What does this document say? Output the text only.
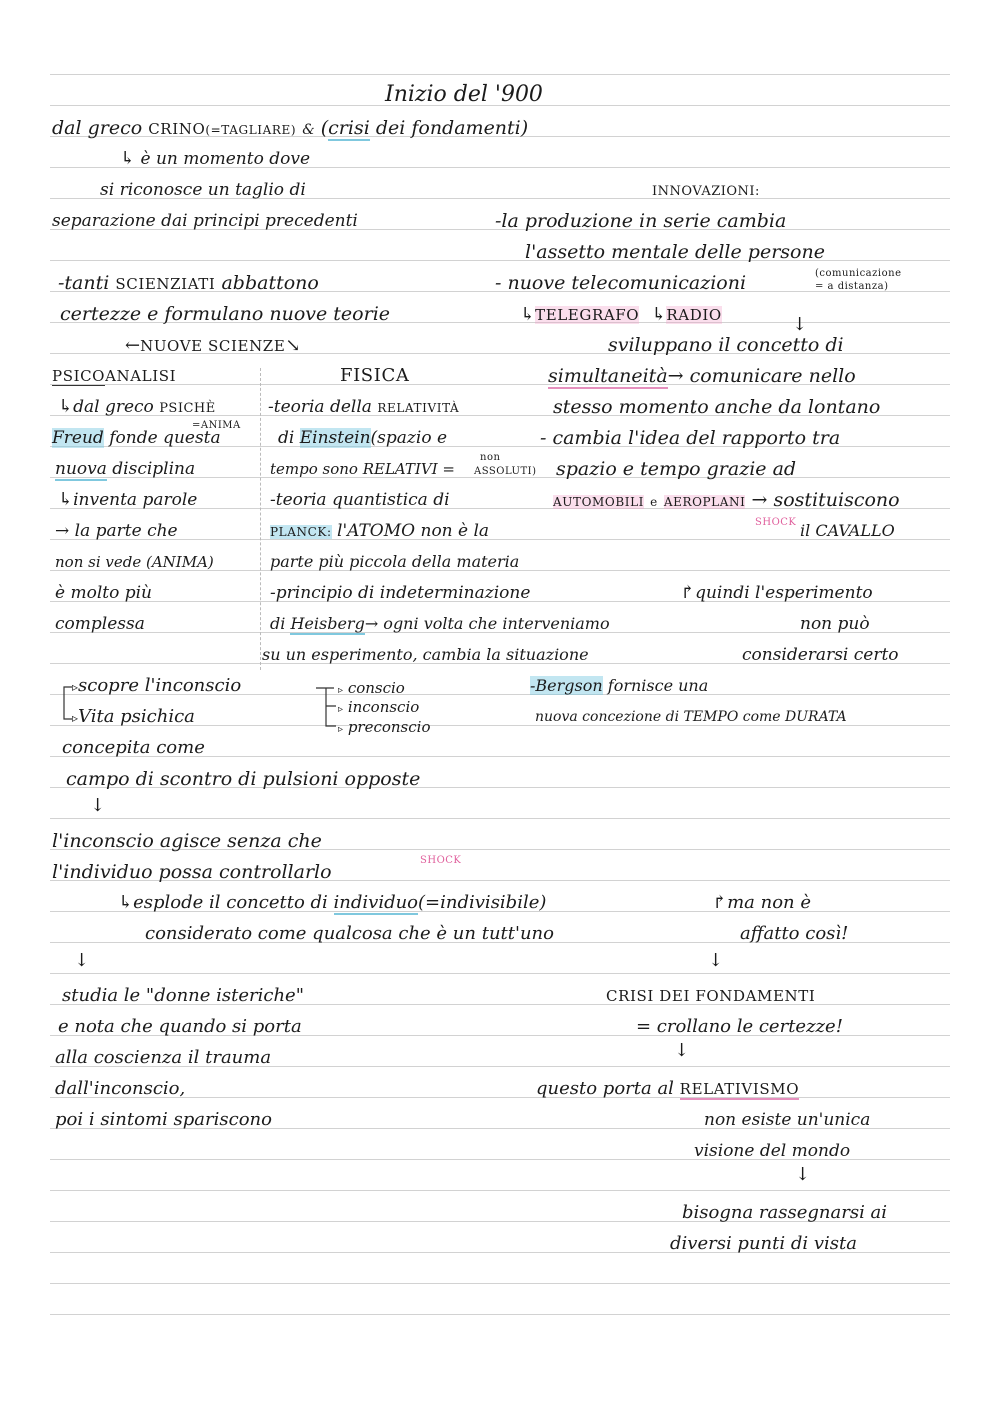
Inizio del '900
dal greco CRINO(=TAGLIARE) & (crisi dei fondamenti)
↳ è un momento dove
si riconosce un taglio di
separazione dai principi precedenti
-tanti SCIENZIATI abbattono
certezze e formulano nuove teorie
←NUOVE SCIENZE↘
INNOVAZIONI:
-la produzione in serie cambia
l'assetto mentale delle persone
- nuove telecomunicazioni	(comunicazione
= a distanza)
↳TELEGRAFO ↳RADIO	↓
sviluppano il concetto di
simultaneità→ comunicare nello
stesso momento anche da lontano
- cambia l'idea del rapporto tra
spazio e tempo grazie ad
AUTOMOBILI e AEROPLANI → sostituiscono
SHOCK il CAVALLO
PSICOANALISI
↳dal greco PSICHÈ
=ANIMA
Freud fonde questa
nuova disciplina
↳inventa parole
→ la parte che
non si vede (ANIMA)
è molto più
complessa
FISICA
-teoria della RELATIVITÀ
di Einstein(spazio e
tempo sono RELATIVI =
non
ASSOLUTI)
-teoria quantistica di
PLANCK: l'ATOMO non è la
parte più piccola della materia
-principio di indeterminazione
di Heisberg→ ogni volta che interveniamo
su un esperimento, cambia la situazione
↱quindi l'esperimento
non può
considerarsi certo
-Bergson fornisce una
nuova concezione di TEMPO come DURATA
▹scopre l'inconscio	▹ conscio
▹ inconscio
▹ preconscio
▹Vita psichica
concepita come
campo di scontro di pulsioni opposte
↓
l'inconscio agisce senza che
l'individuo possa controllarlo
SHOCK
↳esplode il concetto di individuo(=indivisibile)
considerato come qualcosa che è un tutt'uno
↱ma non è
affatto così!
↓	↓
studia le "donne isteriche"
e nota che quando si porta
alla coscienza il trauma
dall'inconscio,
poi i sintomi spariscono
CRISI DEI FONDAMENTI
= crollano le certezze!
↓
questo porta al RELATIVISMO
non esiste un'unica
visione del mondo
↓
bisogna rassegnarsi ai
diversi punti di vista
